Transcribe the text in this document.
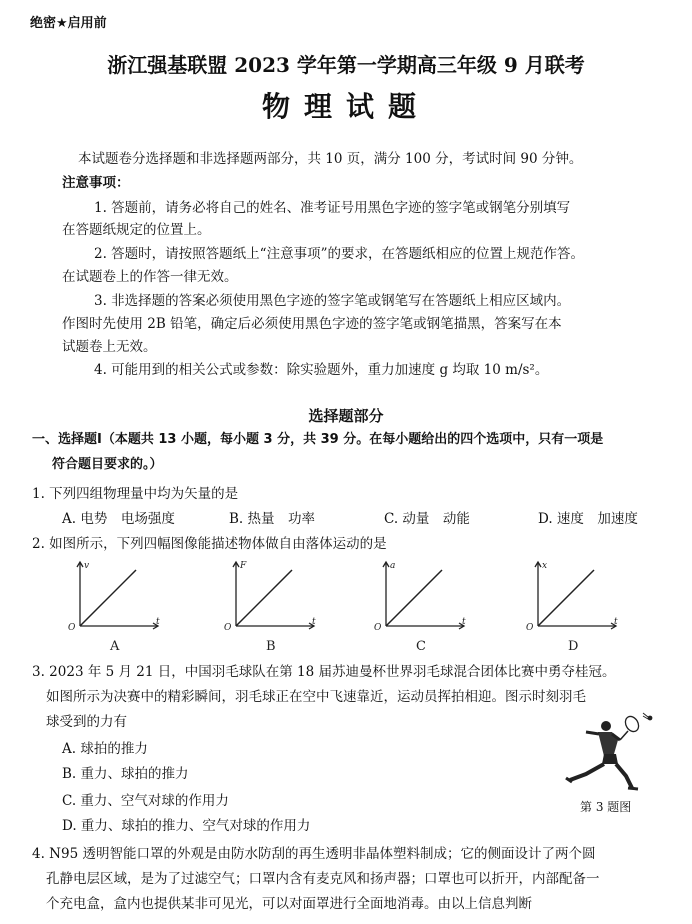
绝密★启用前
浙江强基联盟 2023 学年第一学期高三年级 9 月联考
物理试题
本试题卷分选择题和非选择题两部分，共 10 页，满分 100 分，考试时间 90 分钟。
注意事项：
1. 答题前，请务必将自己的姓名、准考证号用黑色字迹的签字笔或钢笔分别填写
在答题纸规定的位置上。
2. 答题时，请按照答题纸上“注意事项”的要求，在答题纸相应的位置上规范作答。
在试题卷上的作答一律无效。
3. 非选择题的答案必须使用黑色字迹的签字笔或钢笔写在答题纸上相应区域内。
作图时先使用 2B 铅笔，确定后必须使用黑色字迹的签字笔或钢笔描黑，答案写在本
试题卷上无效。
4. 可能用到的相关公式或参数：除实验题外，重力加速度 g 均取 10 m/s²。
选择题部分
一、选择题Ⅰ（本题共 13 小题，每小题 3 分，共 39 分。在每小题给出的四个选项中，只有一项是
符合题目要求的。）
1. 下列四组物理量中均为矢量的是
A. 电势　电场强度	B. 热量　功率	C. 动量　动能	D. 速度　加速度
2. 如图所示，下列四幅图像能描述物体做自由落体运动的是
v
O
t
A
F
O
t
B
a
O
t
C
x
O
t
D
3. 2023 年 5 月 21 日，中国羽毛球队在第 18 届苏迪曼杯世界羽毛球混合团体比赛中勇夺桂冠。
如图所示为决赛中的精彩瞬间，羽毛球正在空中飞速靠近，运动员挥拍相迎。图示时刻羽毛
球受到的力有
A. 球拍的推力
B. 重力、球拍的推力
C. 重力、空气对球的作用力
D. 重力、球拍的推力、空气对球的作用力
第 3 题图
4. N95 透明智能口罩的外观是由防水防刮的再生透明非晶体塑料制成；它的侧面设计了两个圆
孔静电层区域，是为了过滤空气；口罩内含有麦克风和扬声器；口罩也可以折开，内部配备一
个充电盒，盒内也提供某非可见光，可以对面罩进行全面地消毒。由以上信息判断
